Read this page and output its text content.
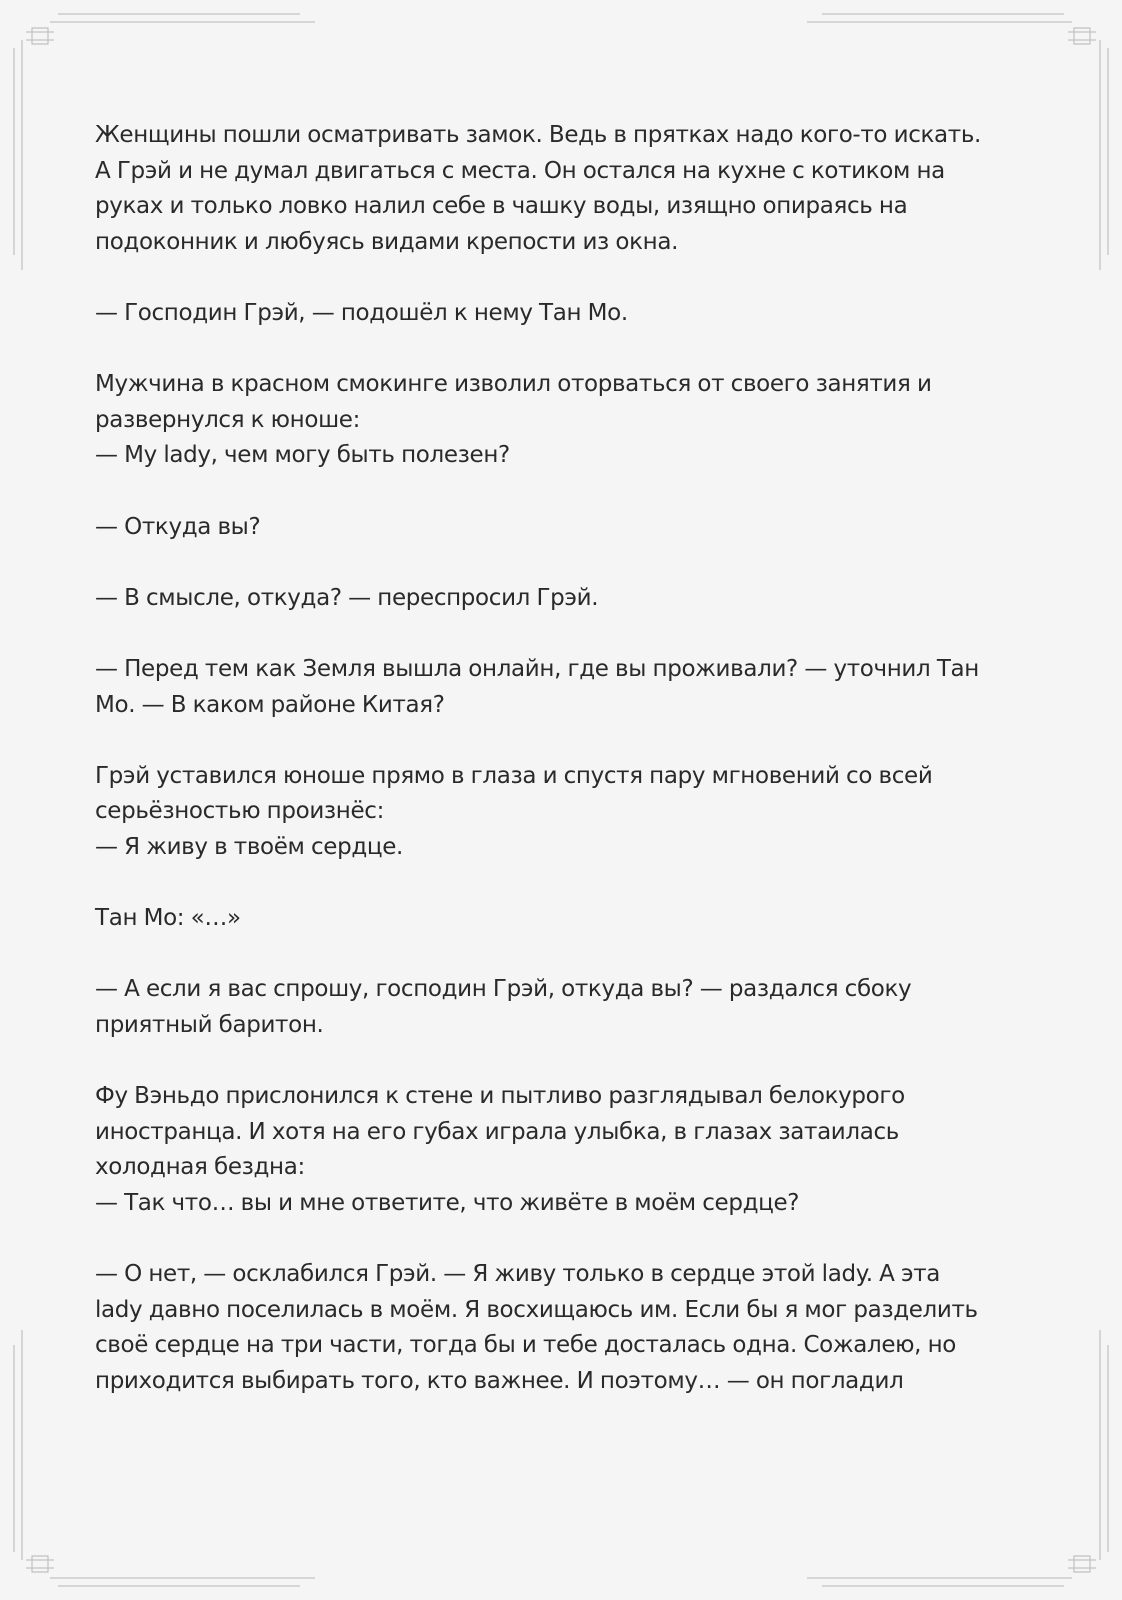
Женщины пошли осматривать замок. Ведь в прятках надо кого-то искать.
А Грэй и не думал двигаться с места. Он остался на кухне с котиком на
руках и только ловко налил себе в чашку воды, изящно опираясь на
подоконник и любуясь видами крепости из окна.

— Господин Грэй, — подошёл к нему Тан Мо.

Мужчина в красном смокинге изволил оторваться от своего занятия и
развернулся к юноше:
— My lady, чем могу быть полезен?

— Откуда вы?

— В смысле, откуда? — переспросил Грэй.

— Перед тем как Земля вышла онлайн, где вы проживали? — уточнил Тан
Мо. — В каком районе Китая?

Грэй уставился юноше прямо в глаза и спустя пару мгновений со всей
серьёзностью произнёс:
— Я живу в твоём сердце.

Тан Мо: «…»

— А если я вас спрошу, господин Грэй, откуда вы? — раздался сбоку
приятный баритон.

Фу Вэньдо прислонился к стене и пытливо разглядывал белокурого
иностранца. И хотя на его губах играла улыбка, в глазах затаилась
холодная бездна:
— Так что… вы и мне ответите, что живёте в моём сердце?

— О нет, — осклабился Грэй. — Я живу только в сердце этой lady. А эта
lady давно поселилась в моём. Я восхищаюсь им. Если бы я мог разделить
своё сердце на три части, тогда бы и тебе досталась одна. Сожалею, но
приходится выбирать того, кто важнее. И поэтому… — он погладил
